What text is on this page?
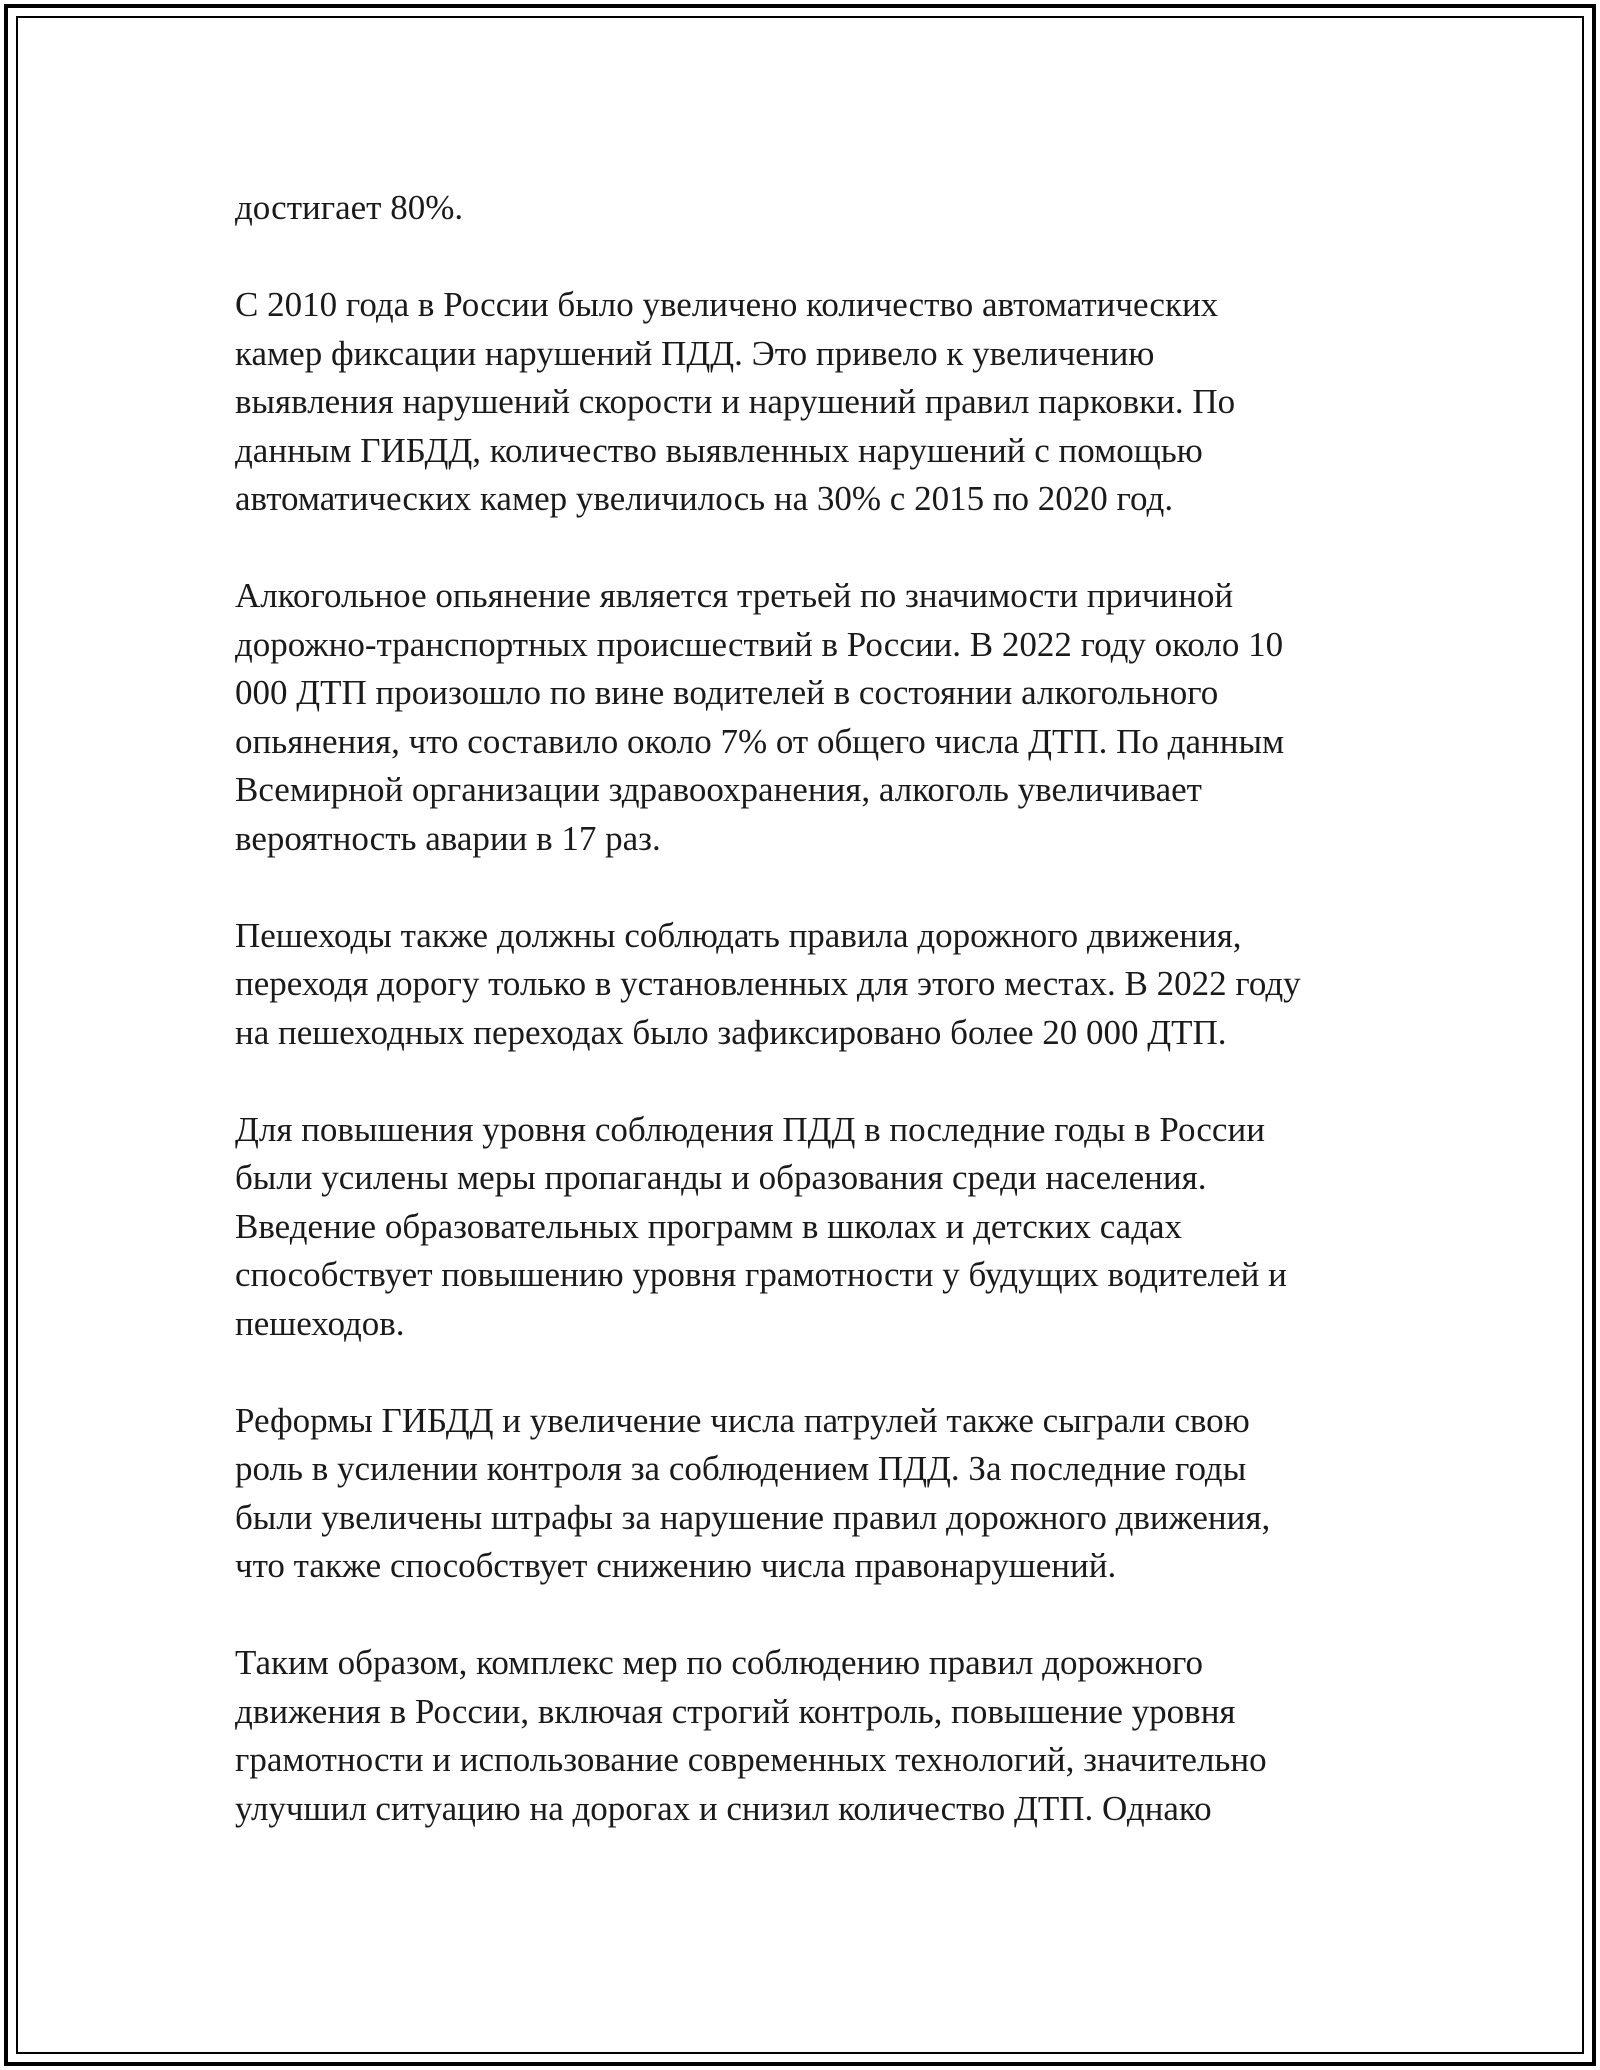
достигает 80%.

С 2010 года в России было увеличено количество автоматических
камер фиксации нарушений ПДД. Это привело к увеличению
выявления нарушений скорости и нарушений правил парковки. По
данным ГИБДД, количество выявленных нарушений с помощью
автоматических камер увеличилось на 30% с 2015 по 2020 год.

Алкогольное опьянение является третьей по значимости причиной
дорожно-транспортных происшествий в России. В 2022 году около 10
000 ДТП произошло по вине водителей в состоянии алкогольного
опьянения, что составило около 7% от общего числа ДТП. По данным
Всемирной организации здравоохранения, алкоголь увеличивает
вероятность аварии в 17 раз.

Пешеходы также должны соблюдать правила дорожного движения,
переходя дорогу только в установленных для этого местах. В 2022 году
на пешеходных переходах было зафиксировано более 20 000 ДТП.

Для повышения уровня соблюдения ПДД в последние годы в России
были усилены меры пропаганды и образования среди населения.
Введение образовательных программ в школах и детских садах
способствует повышению уровня грамотности у будущих водителей и
пешеходов.

Реформы ГИБДД и увеличение числа патрулей также сыграли свою
роль в усилении контроля за соблюдением ПДД. За последние годы
были увеличены штрафы за нарушение правил дорожного движения,
что также способствует снижению числа правонарушений.

Таким образом, комплекс мер по соблюдению правил дорожного
движения в России, включая строгий контроль, повышение уровня
грамотности и использование современных технологий, значительно
улучшил ситуацию на дорогах и снизил количество ДТП. Однако
